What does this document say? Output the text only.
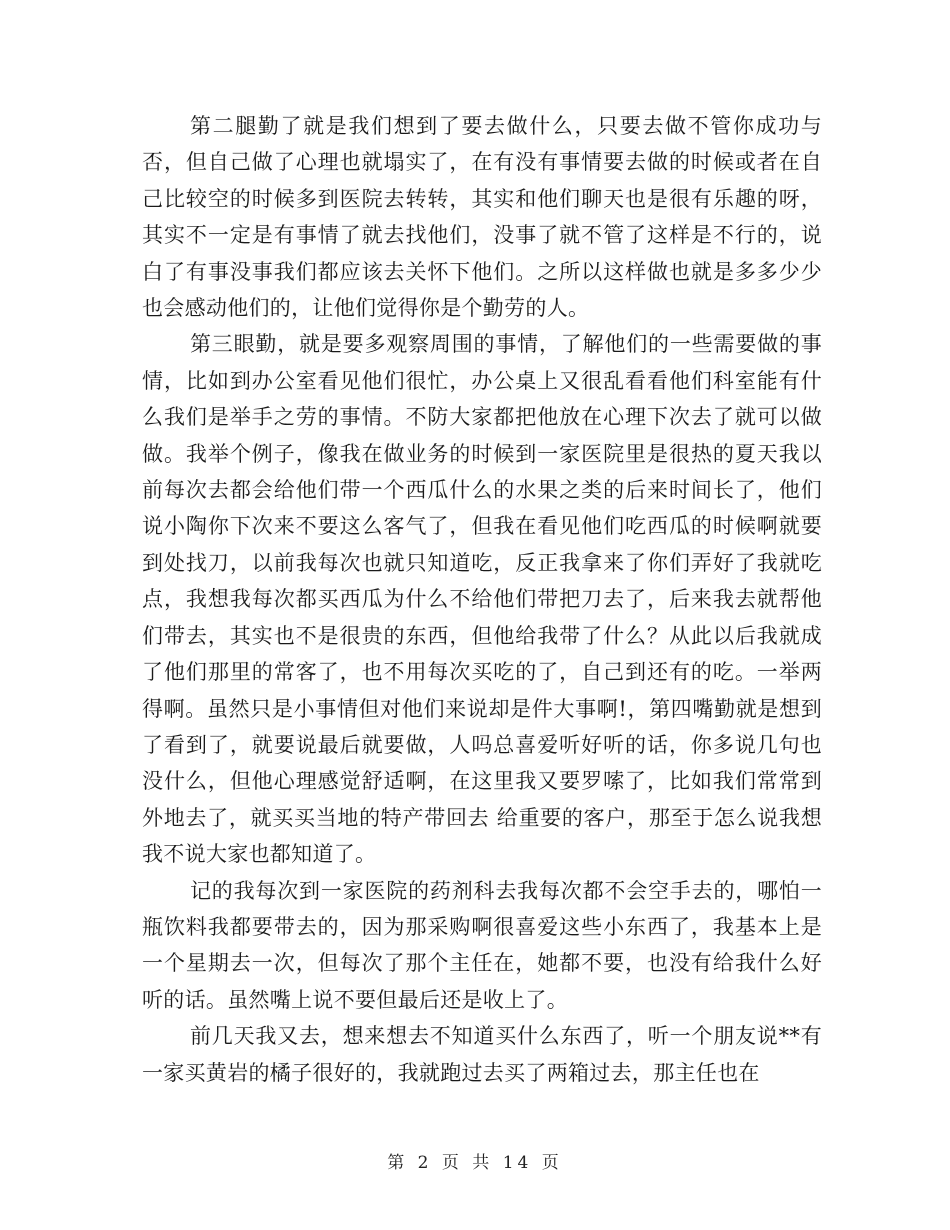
第二腿勤了就是我们想到了要去做什么，只要去做不管你成功与否，但自己做了心理也就塌实了，在有没有事情要去做的时候或者在自己比较空的时候多到医院去转转，其实和他们聊天也是很有乐趣的呀，其实不一定是有事情了就去找他们，没事了就不管了这样是不行的，说白了有事没事我们都应该去关怀下他们。之所以这样做也就是多多少少也会感动他们的，让他们觉得你是个勤劳的人。

第三眼勤，就是要多观察周围的事情，了解他们的一些需要做的事情，比如到办公室看见他们很忙，办公桌上又很乱看看他们科室能有什么我们是举手之劳的事情。不防大家都把他放在心理下次去了就可以做做。我举个例子，像我在做业务的时候到一家医院里是很热的夏天我以前每次去都会给他们带一个西瓜什么的水果之类的后来时间长了，他们说小陶你下次来不要这么客气了，但我在看见他们吃西瓜的时候啊就要到处找刀，以前我每次也就只知道吃，反正我拿来了你们弄好了我就吃点，我想我每次都买西瓜为什么不给他们带把刀去了，后来我去就帮他们带去，其实也不是很贵的东西，但他给我带了什么？从此以后我就成了他们那里的常客了，也不用每次买吃的了，自己到还有的吃。一举两得啊。虽然只是小事情但对他们来说却是件大事啊!，第四嘴勤就是想到了看到了，就要说最后就要做，人吗总喜爱听好听的话，你多说几句也没什么，但他心理感觉舒适啊，在这里我又要罗嗦了，比如我们常常到外地去了，就买买当地的特产带回去 给重要的客户，那至于怎么说我想我不说大家也都知道了。

记的我每次到一家医院的药剂科去我每次都不会空手去的，哪怕一瓶饮料我都要带去的，因为那采购啊很喜爱这些小东西了，我基本上是一个星期去一次，但每次了那个主任在，她都不要，也没有给我什么好听的话。虽然嘴上说不要但最后还是收上了。

前几天我又去，想来想去不知道买什么东西了，听一个朋友说**有一家买黄岩的橘子很好的，我就跑过去买了两箱过去，那主任也在

第 2 页 共 14 页
